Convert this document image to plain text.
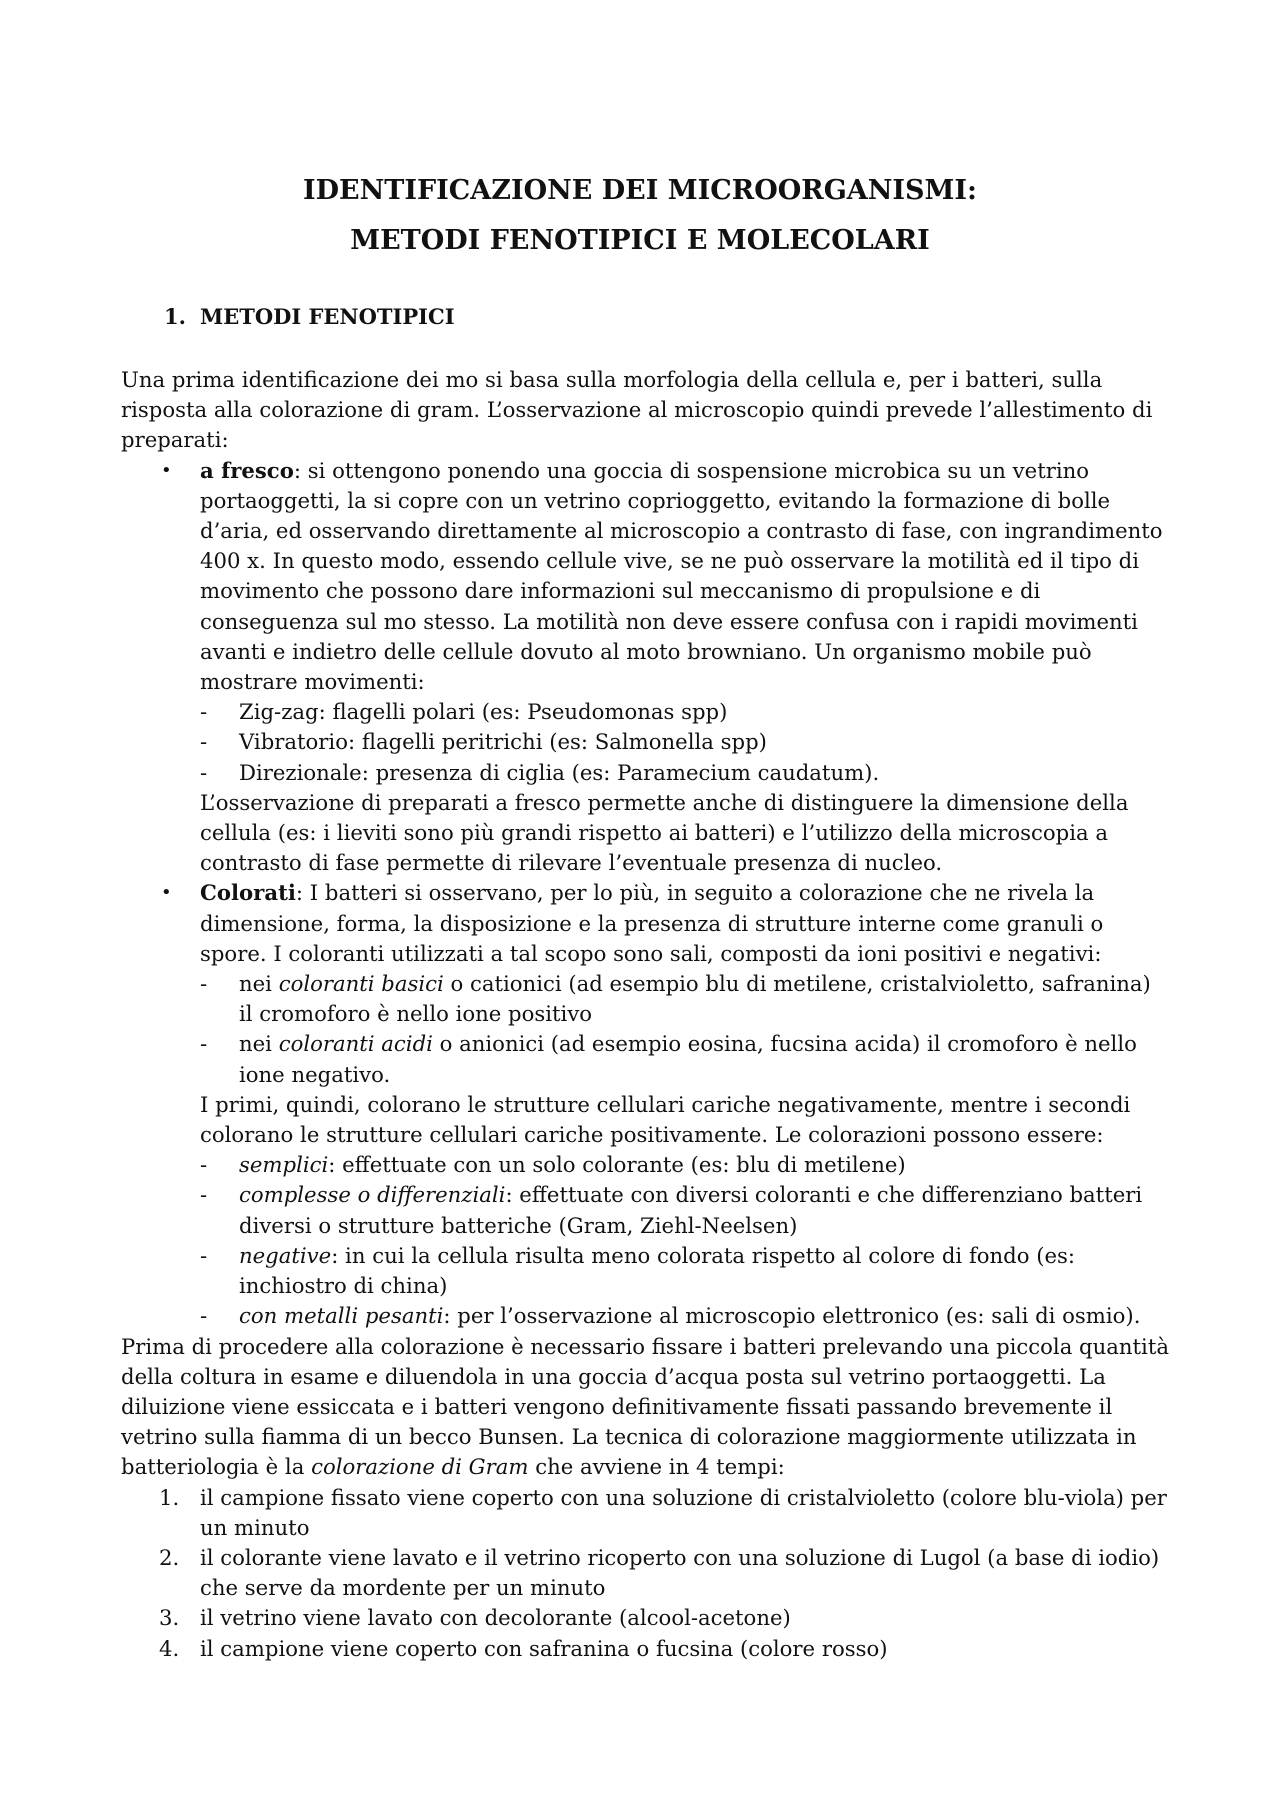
IDENTIFICAZIONE DEI MICROORGANISMI:
METODI FENOTIPICI E MOLECOLARI
1. METODI FENOTIPICI
Una prima identificazione dei mo si basa sulla morfologia della cellula e, per i batteri, sulla risposta alla colorazione di gram. L’osservazione al microscopio quindi prevede l’allestimento di preparati:
• a fresco: si ottengono ponendo una goccia di sospensione microbica su un vetrino portaoggetti, la si copre con un vetrino coprioggetto, evitando la formazione di bolle d’aria, ed osservando direttamente al microscopio a contrasto di fase, con ingrandimento 400 x. In questo modo, essendo cellule vive, se ne può osservare la motilità ed il tipo di movimento che possono dare informazioni sul meccanismo di propulsione e di conseguenza sul mo stesso. La motilità non deve essere confusa con i rapidi movimenti avanti e indietro delle cellule dovuto al moto browniano. Un organismo mobile può mostrare movimenti:
- Zig-zag: flagelli polari (es: Pseudomonas spp)
- Vibratorio: flagelli peritrichi (es: Salmonella spp)
- Direzionale: presenza di ciglia (es: Paramecium caudatum).
L’osservazione di preparati a fresco permette anche di distinguere la dimensione della cellula (es: i lieviti sono più grandi rispetto ai batteri) e l’utilizzo della microscopia a contrasto di fase permette di rilevare l’eventuale presenza di nucleo.
• Colorati: I batteri si osservano, per lo più, in seguito a colorazione che ne rivela la dimensione, forma, la disposizione e la presenza di strutture interne come granuli o spore. I coloranti utilizzati a tal scopo sono sali, composti da ioni positivi e negativi:
- nei coloranti basici o cationici (ad esempio blu di metilene, cristalvioletto, safranina) il cromoforo è nello ione positivo
- nei coloranti acidi o anionici (ad esempio eosina, fucsina acida) il cromoforo è nello ione negativo.
I primi, quindi, colorano le strutture cellulari cariche negativamente, mentre i secondi colorano le strutture cellulari cariche positivamente. Le colorazioni possono essere:
- semplici: effettuate con un solo colorante (es: blu di metilene)
- complesse o differenziali: effettuate con diversi coloranti e che differenziano batteri diversi o strutture batteriche (Gram, Ziehl-Neelsen)
- negative: in cui la cellula risulta meno colorata rispetto al colore di fondo (es: inchiostro di china)
- con metalli pesanti: per l’osservazione al microscopio elettronico (es: sali di osmio).
Prima di procedere alla colorazione è necessario fissare i batteri prelevando una piccola quantità della coltura in esame e diluendola in una goccia d’acqua posta sul vetrino portaoggetti. La diluizione viene essiccata e i batteri vengono definitivamente fissati passando brevemente il vetrino sulla fiamma di un becco Bunsen. La tecnica di colorazione maggiormente utilizzata in batteriologia è la colorazione di Gram che avviene in 4 tempi:
1. il campione fissato viene coperto con una soluzione di cristalvioletto (colore blu-viola) per un minuto
2. il colorante viene lavato e il vetrino ricoperto con una soluzione di Lugol (a base di iodio) che serve da mordente per un minuto
3. il vetrino viene lavato con decolorante (alcool-acetone)
4. il campione viene coperto con safranina o fucsina (colore rosso)
